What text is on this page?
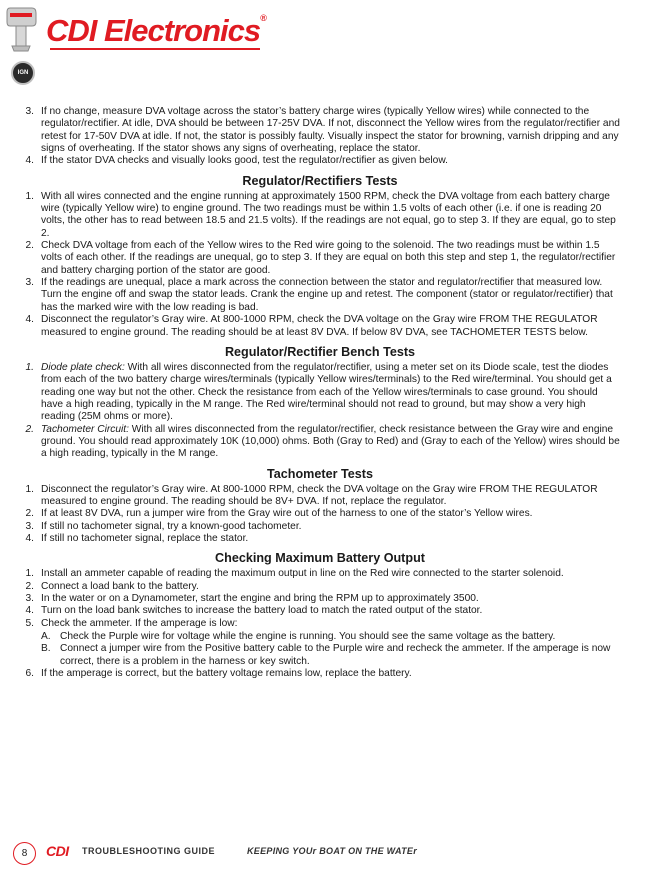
CDI Electronics®
IGN
3. If no change, measure DVA voltage across the stator’s battery charge wires (typically Yellow wires) while connected to the regulator/rectifier. At idle, DVA should be between 17-25V DVA. If not, disconnect the Yellow wires from the regulator/rectifier and retest for 17-50V DVA at idle. If not, the stator is possibly faulty. Visually inspect the stator for browning, varnish dripping and any signs of overheating. If the stator shows any signs of overheating, replace the stator.
4. If the stator DVA checks and visually looks good, test the regulator/rectifier as given below.
Regulator/Rectifiers Tests
1. With all wires connected and the engine running at approximately 1500 RPM, check the DVA voltage from each battery charge wire (typically Yellow wire) to engine ground. The two readings must be within 1.5 volts of each other (i.e. if one is reading 20 volts, the other has to read between 18.5 and 21.5 volts). If the readings are not equal, go to step 3. If they are equal, go to step 2.
2. Check DVA voltage from each of the Yellow wires to the Red wire going to the solenoid. The two readings must be within 1.5 volts of each other. If the readings are unequal, go to step 3. If they are equal on both this step and step 1, the regulator/rectifier and battery charging portion of the stator are good.
3. If the readings are unequal, place a mark across the connection between the stator and regulator/rectifier that measured low. Turn the engine off and swap the stator leads. Crank the engine up and retest. The component (stator or regulator/rectifier) that has the marked wire with the low reading is bad.
4. Disconnect the regulator’s Gray wire. At 800-1000 RPM, check the DVA voltage on the Gray wire FROM THE REGULATOR measured to engine ground. The reading should be at least 8V DVA. If below 8V DVA, see TACHOMETER TESTS below.
Regulator/Rectifier Bench Tests
1. Diode plate check: With all wires disconnected from the regulator/rectifier, using a meter set on its Diode scale, test the diodes from each of the two battery charge wires/terminals (typically Yellow wires/terminals) to the Red wire/terminal. You should get a reading one way but not the other. Check the resistance from each of the Yellow wires/terminals to case ground. You should have a high reading, typically in the M range. The Red wire/terminal should not read to ground, but may show a very high reading (25M ohms or more).
2. Tachometer Circuit: With all wires disconnected from the regulator/rectifier, check resistance between the Gray wire and engine ground. You should read approximately 10K (10,000) ohms. Both (Gray to Red) and (Gray to each of the Yellow) wires should be a high reading, typically in the M range.
Tachometer Tests
1. Disconnect the regulator’s Gray wire. At 800-1000 RPM, check the DVA voltage on the Gray wire FROM THE REGULATOR measured to engine ground. The reading should be 8V+ DVA. If not, replace the regulator.
2. If at least 8V DVA, run a jumper wire from the Gray wire out of the harness to one of the stator’s Yellow wires.
3. If still no tachometer signal, try a known-good tachometer.
4. If still no tachometer signal, replace the stator.
Checking Maximum Battery Output
1. Install an ammeter capable of reading the maximum output in line on the Red wire connected to the starter solenoid.
2. Connect a load bank to the battery.
3. In the water or on a Dynamometer, start the engine and bring the RPM up to approximately 3500.
4. Turn on the load bank switches to increase the battery load to match the rated output of the stator.
5. Check the ammeter. If the amperage is low:
A. Check the Purple wire for voltage while the engine is running. You should see the same voltage as the battery.
B. Connect a jumper wire from the Positive battery cable to the Purple wire and recheck the ammeter. If the amperage is now correct, there is a problem in the harness or key switch.
6. If the amperage is correct, but the battery voltage remains low, replace the battery.
8	CDI TROUBLESHOOTING GUIDE	KEEPING YOUr BOAT ON THE WATEr
